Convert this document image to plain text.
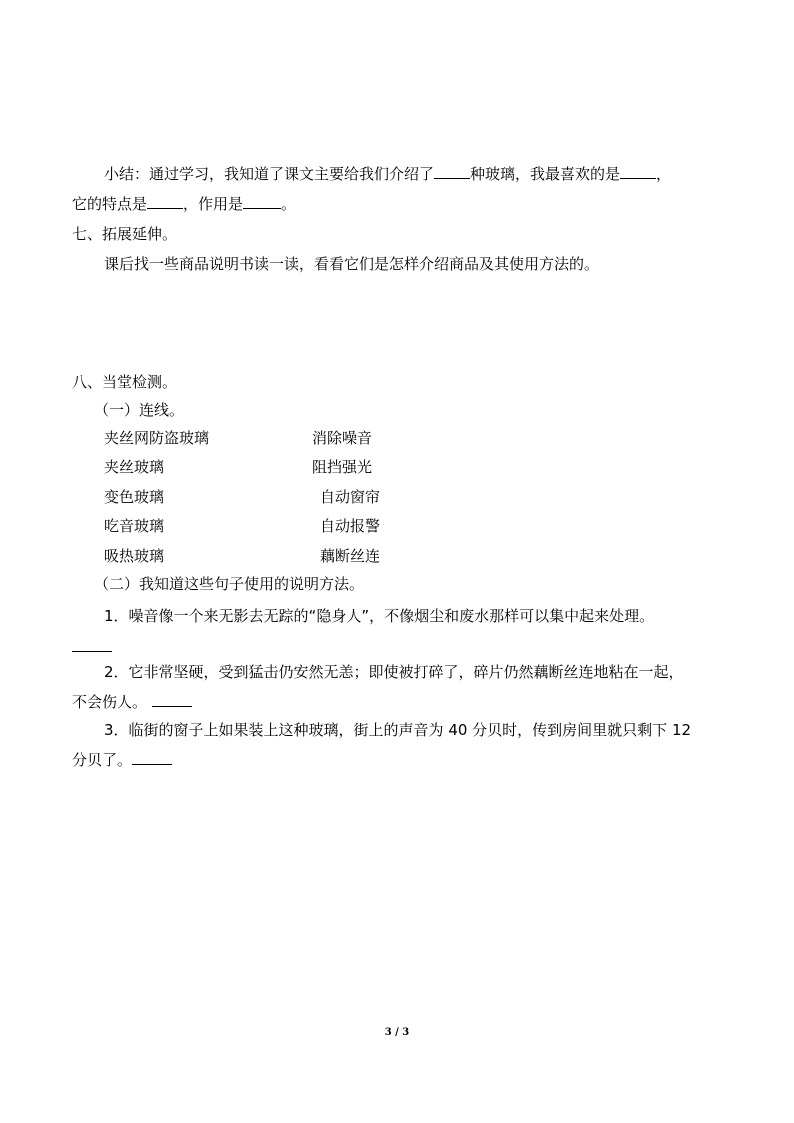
小结：通过学习，我知道了课文主要给我们介绍了 种玻璃，我最喜欢的是 ，
它的特点是 ，作用是	。
七、拓展延伸。
课后找一些商品说明书读一读，看看它们是怎样介绍商品及其使用方法的。
八、当堂检测。
（一）连线。
夹丝网防盗玻璃
夹丝玻璃
变色玻璃
吃音玻璃
吸热玻璃
消除噪音
阻挡强光
自动窗帘
自动报警
藕断丝连
（二）我知道这些句子使用的说明方法。
1．噪音像一个来无影去无踪的“隐身人”，不像烟尘和废水那样可以集中起来处理。
2．它非常坚硬，受到猛击仍安然无恙；即使被打碎了，碎片仍然藕断丝连地粘在一起，
不会伤人。
3．临街的窗子上如果装上这种玻璃，街上的声音为 40 分贝时，传到房间里就只剩下 12
分贝了。
3 / 3
